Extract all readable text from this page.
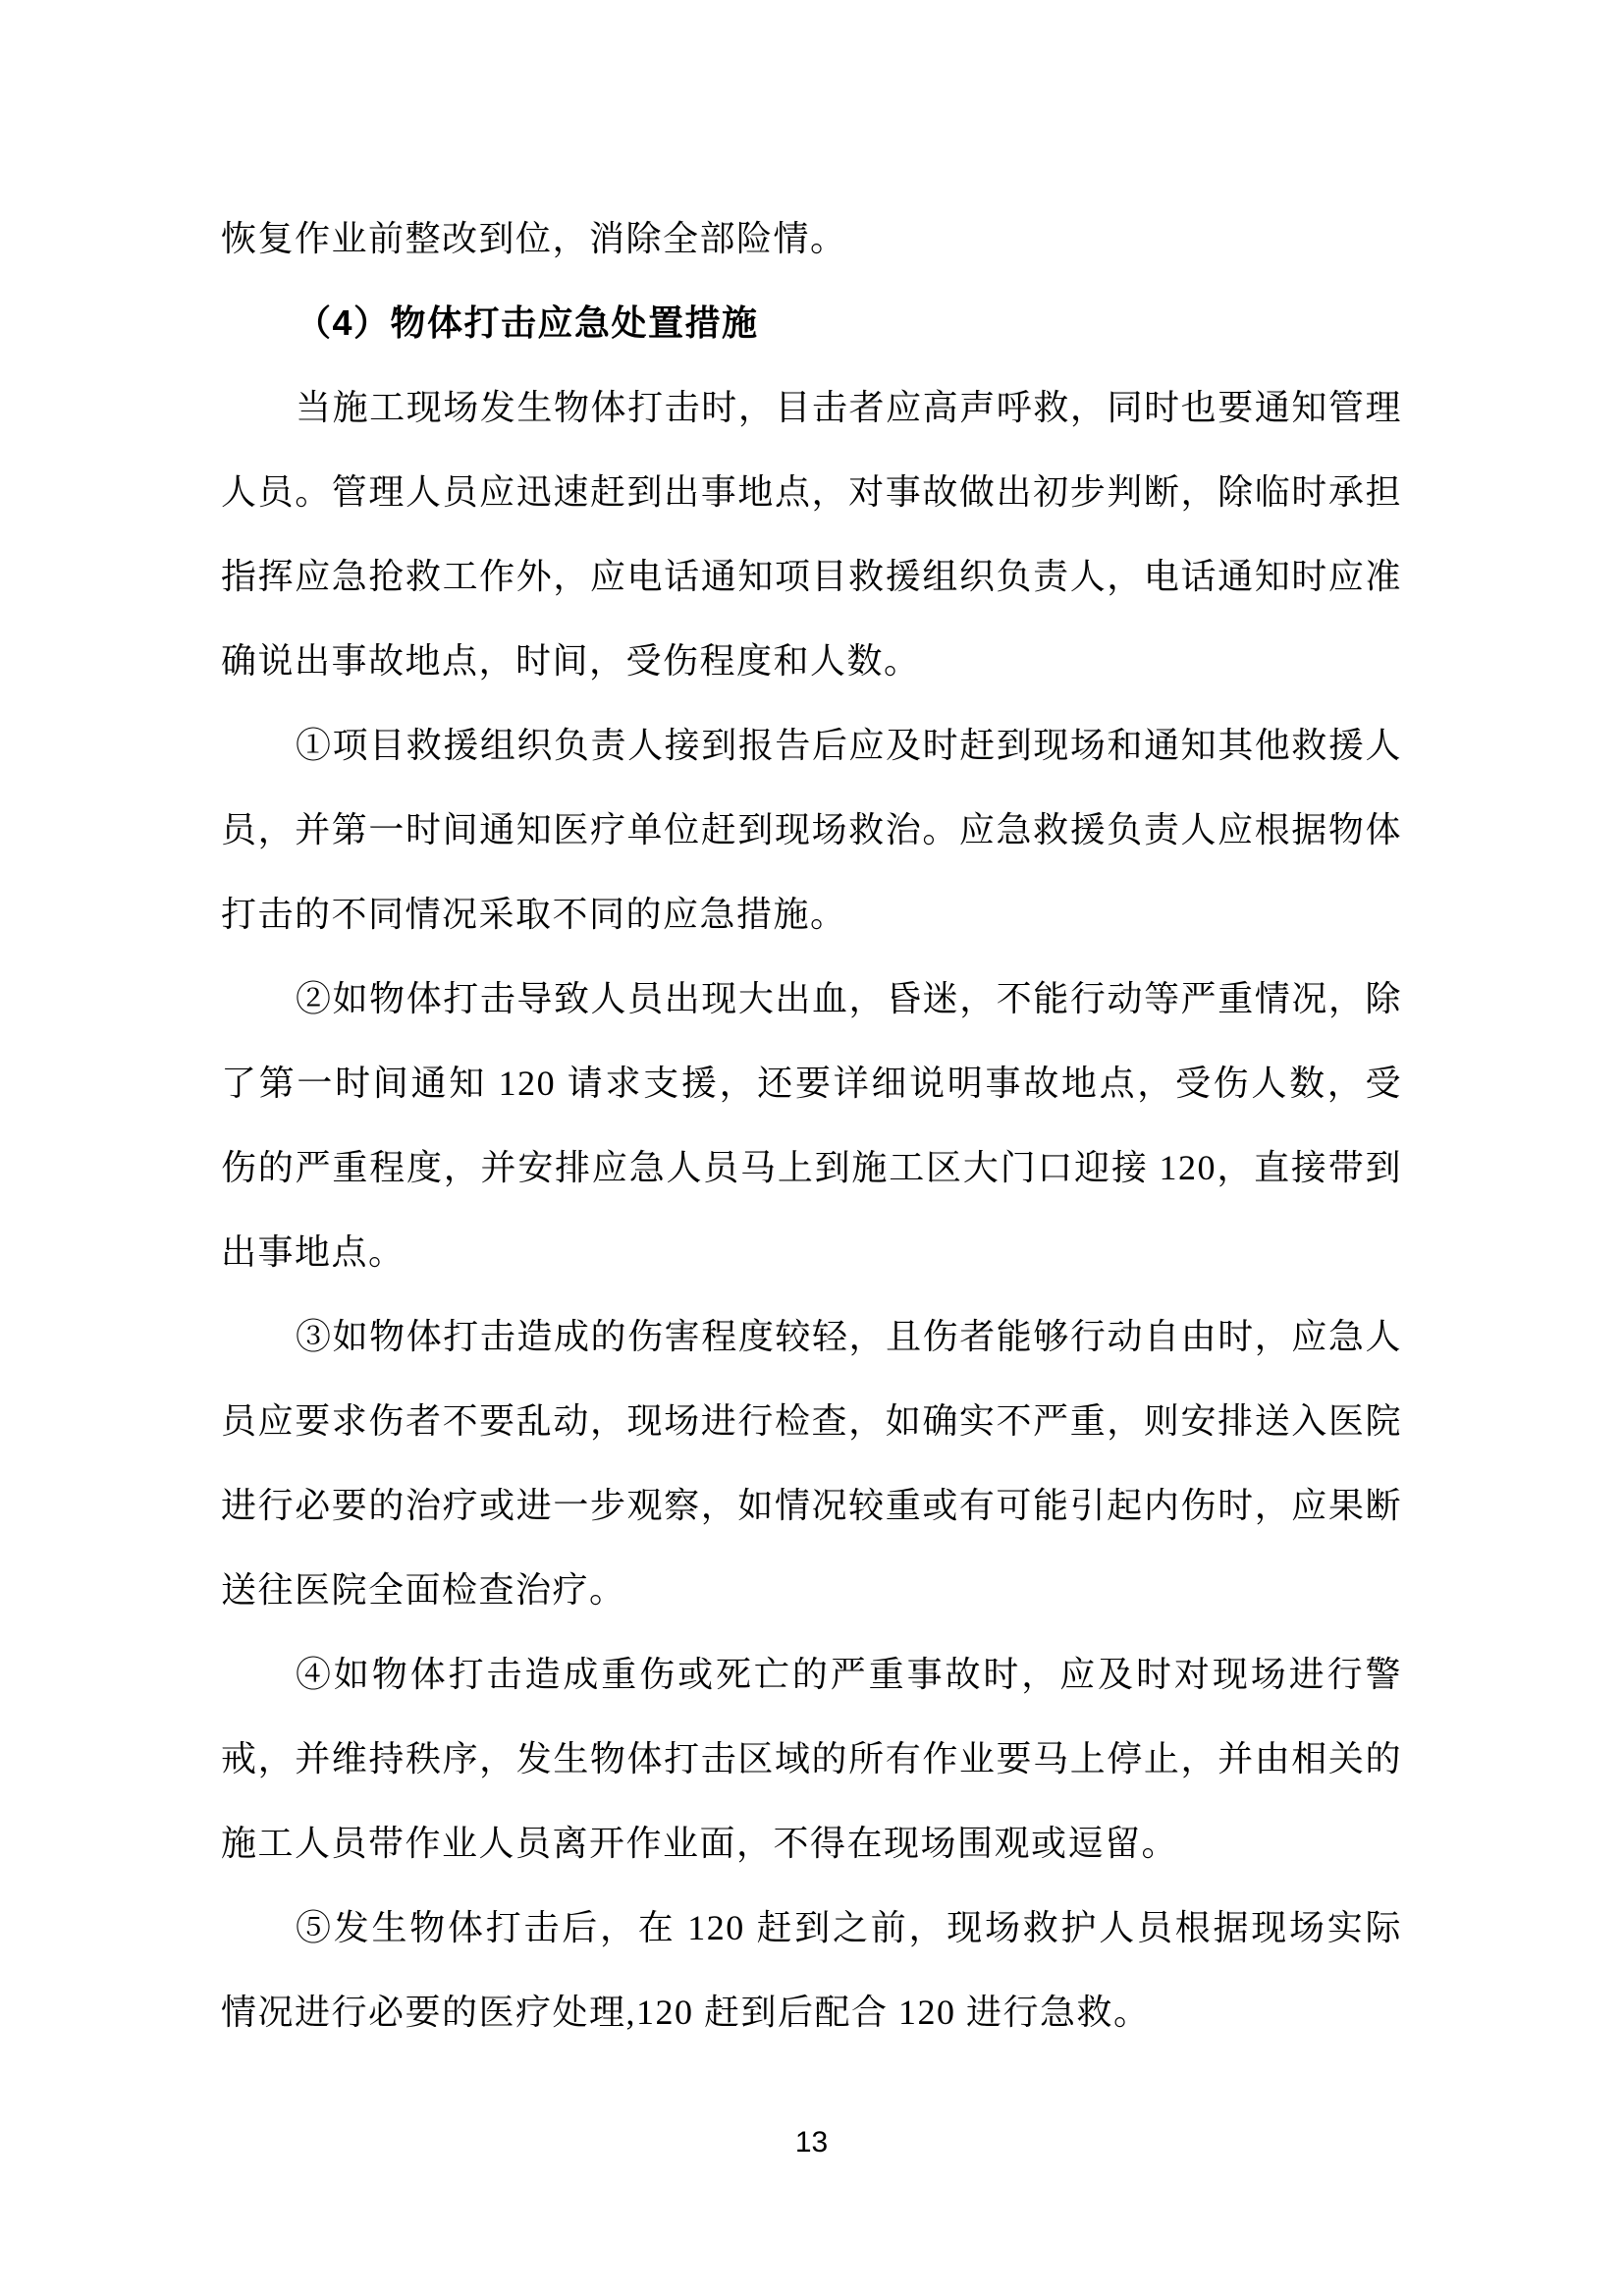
恢复作业前整改到位，消除全部险情。

（4）物体打击应急处置措施

当施工现场发生物体打击时，目击者应高声呼救，同时也要通知管理人员。管理人员应迅速赶到出事地点，对事故做出初步判断，除临时承担指挥应急抢救工作外，应电话通知项目救援组织负责人，电话通知时应准确说出事故地点，时间，受伤程度和人数。

①项目救援组织负责人接到报告后应及时赶到现场和通知其他救援人员，并第一时间通知医疗单位赶到现场救治。应急救援负责人应根据物体打击的不同情况采取不同的应急措施。

②如物体打击导致人员出现大出血，昏迷，不能行动等严重情况，除了第一时间通知 120 请求支援，还要详细说明事故地点，受伤人数，受伤的严重程度，并安排应急人员马上到施工区大门口迎接 120，直接带到出事地点。

③如物体打击造成的伤害程度较轻，且伤者能够行动自由时，应急人员应要求伤者不要乱动，现场进行检查，如确实不严重，则安排送入医院进行必要的治疗或进一步观察，如情况较重或有可能引起内伤时，应果断送往医院全面检查治疗。

④如物体打击造成重伤或死亡的严重事故时，应及时对现场进行警戒，并维持秩序，发生物体打击区域的所有作业要马上停止，并由相关的施工人员带作业人员离开作业面，不得在现场围观或逗留。

⑤发生物体打击后，在 120 赶到之前，现场救护人员根据现场实际情况进行必要的医疗处理,120 赶到后配合 120 进行急救。

13
